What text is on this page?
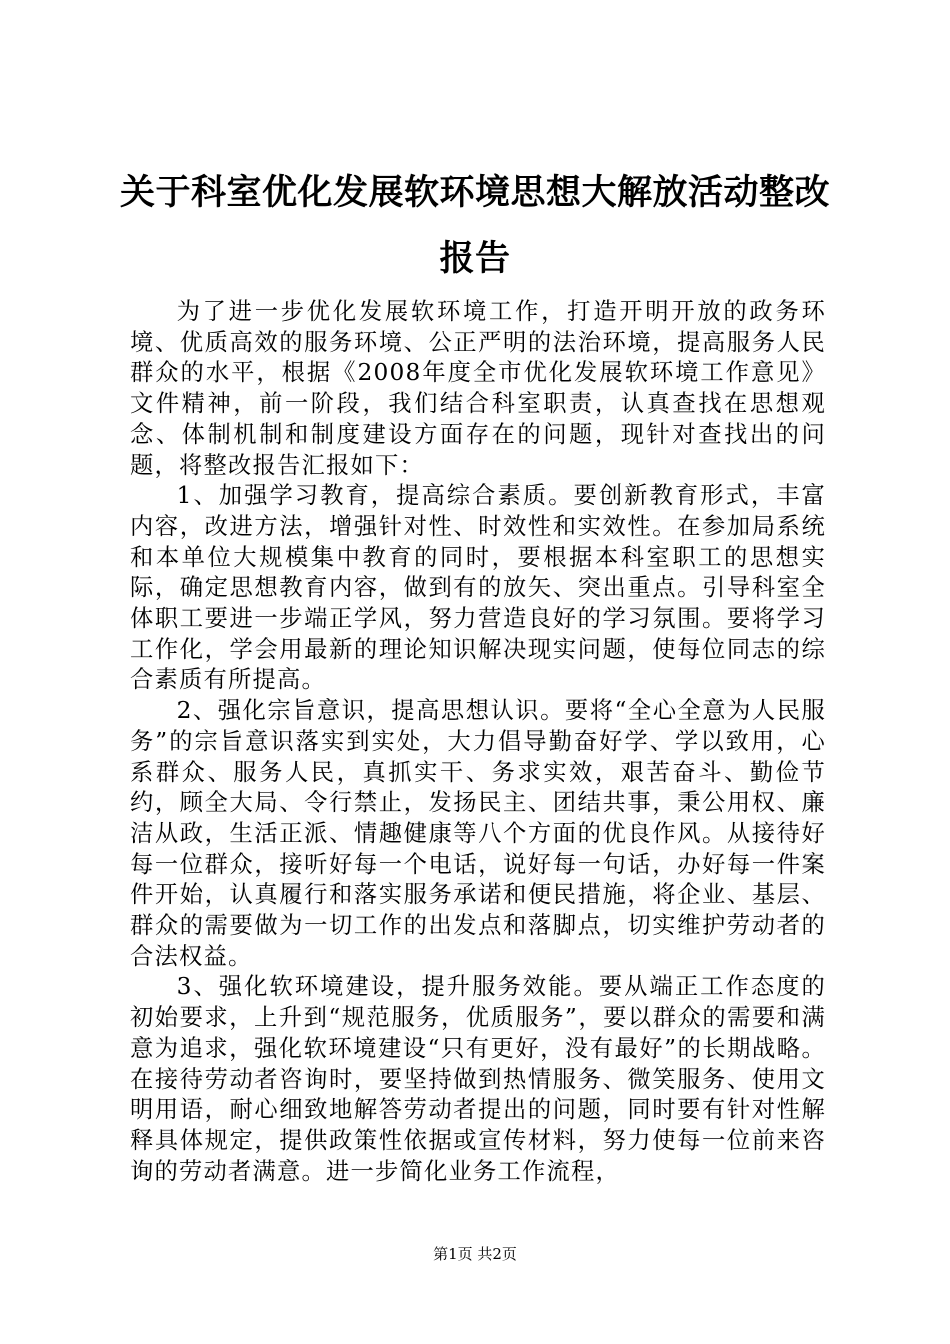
关于科室优化发展软环境思想大解放活动整改报告

为了进一步优化发展软环境工作，打造开明开放的政务环境、优质高效的服务环境、公正严明的法治环境，提高服务人民群众的水平，根据《2008年度全市优化发展软环境工作意见》文件精神，前一阶段，我们结合科室职责，认真查找在思想观念、体制机制和制度建设方面存在的问题，现针对查找出的问题，将整改报告汇报如下：

1、加强学习教育，提高综合素质。要创新教育形式，丰富内容，改进方法，增强针对性、时效性和实效性。在参加局系统和本单位大规模集中教育的同时，要根据本科室职工的思想实际，确定思想教育内容，做到有的放矢、突出重点。引导科室全体职工要进一步端正学风，努力营造良好的学习氛围。要将学习工作化，学会用最新的理论知识解决现实问题，使每位同志的综合素质有所提高。

2、强化宗旨意识，提高思想认识。要将“全心全意为人民服务”的宗旨意识落实到实处，大力倡导勤奋好学、学以致用，心系群众、服务人民，真抓实干、务求实效，艰苦奋斗、勤俭节约，顾全大局、令行禁止，发扬民主、团结共事，秉公用权、廉洁从政，生活正派、情趣健康等八个方面的优良作风。从接待好每一位群众，接听好每一个电话，说好每一句话，办好每一件案件开始，认真履行和落实服务承诺和便民措施，将企业、基层、群众的需要做为一切工作的出发点和落脚点，切实维护劳动者的合法权益。

3、强化软环境建设，提升服务效能。要从端正工作态度的初始要求，上升到“规范服务，优质服务”，要以群众的需要和满意为追求，强化软环境建设“只有更好，没有最好”的长期战略。在接待劳动者咨询时，要坚持做到热情服务、微笑服务、使用文明用语，耐心细致地解答劳动者提出的问题，同时要有针对性解释具体规定，提供政策性依据或宣传材料，努力使每一位前来咨询的劳动者满意。进一步简化业务工作流程，

第1页 共2页
